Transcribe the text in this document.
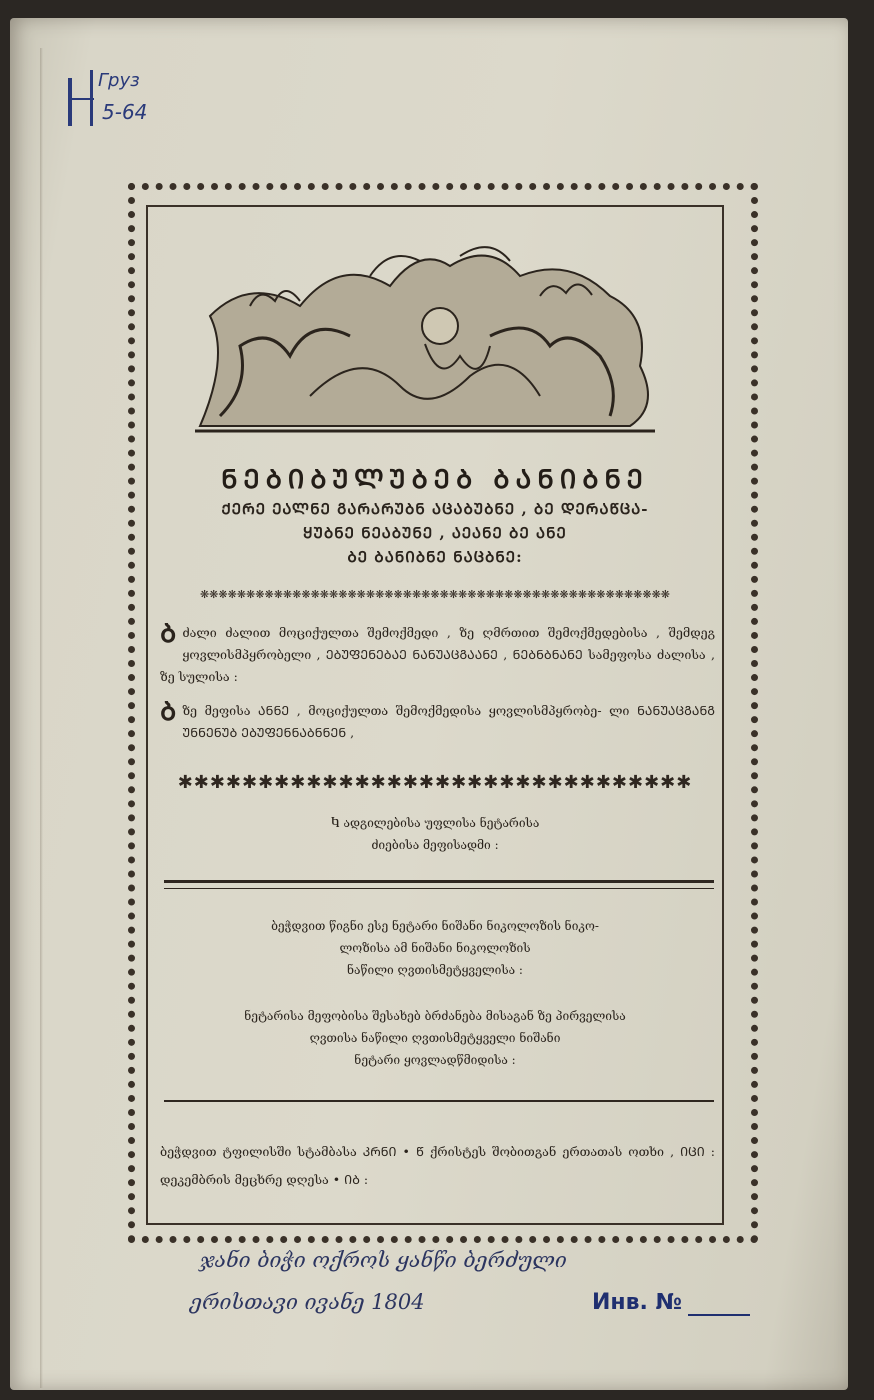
Груз
5-64
ᲜᲔᲑᲘᲑᲣᲚᲣᲑᲔᲑ ᲑᲐᲜᲘᲑᲜᲔ
ᲥᲔᲠᲔ ᲔᲐᲚᲜᲔ ᲒᲐᲠᲐᲠᲣᲑᲜ ᲐᲪᲐᲑᲣᲑᲜᲔ , ᲑᲔ ᲓᲔᲠᲐᲬᲪᲐ-
ᲧᲣᲑᲜᲔ ᲜᲔᲐᲑᲣᲜᲔ , ᲐᲔᲐᲜᲔ ᲑᲔ ᲐᲜᲔ
ᲑᲔ ᲑᲐᲜᲘᲑᲜᲔ ᲜᲐᲪᲑᲜᲔ:
❋❋❋❋❋❋❋❋❋❋❋❋❋❋❋❋❋❋❋❋❋❋❋❋❋❋❋❋❋❋❋❋❋❋❋❋❋❋❋❋❋❋❋❋❋❋❋❋❋❋❋
Ბ ძალი ძალით მოციქულთა შემოქმედი , ზე ღმრთით შემოქმედებისა , შემდეგ ყოვლისმპყრობელი , ᲔᲑᲣᲤᲔᲜᲔᲑᲐᲔ ᲜᲐᲜᲣᲐᲪᲒᲐᲐᲜᲔ , ᲜᲔᲑᲜᲑᲜᲐᲜᲔ სამეფოსა ძალისა , ზე სულისა :
Ბ ზე მეფისა ᲐᲜᲜᲔ , მოციქულთა შემოქმედისა ყოვლისმპყრობე- ლი ᲜᲐᲜᲣᲐᲪᲒᲐᲜᲒ ᲣᲜᲜᲔᲜᲣᲑ ᲔᲑᲣᲤᲔᲜᲜᲐᲑᲜᲜᲔᲜ ,
✱✱✱✱✱✱✱✱✱✱✱✱✱✱✱✱✱✱✱✱✱✱✱✱✱✱✱✱✱✱✱✱
Ⴉ ადგილებისა უფლისა ნეტარისა
ძიებისა მეფისადმი :
ბეჭდვით წიგნი ესე ნეტარი ნიშანი ნიკოლოზის ნიკო-
ლოზისა ამ ნიშანი ნიკოლოზის
ნაწილი ღვთისმეტყველისა :
ნეტარისა მეფობისა შესახებ ბრძანება მისაგან ზე პირველისა
ღვთისა ნაწილი ღვთისმეტყველი ნიშანი
ნეტარი ყოვლადწმიდისა :
ბეჭდვით ტფილისში სტამბასა ᲙᲠᲜᲘ • Წ ქრისტეს შობითგან ერთათას ოთხი , ᲘᲪᲘ : დეკემბრის მეცხრე დღესა • ᲘᲑ :
ჯანი ბიჭი ოქროს ყანწი ბერძული
ერისთავი ივანე 1804	Инв. №
